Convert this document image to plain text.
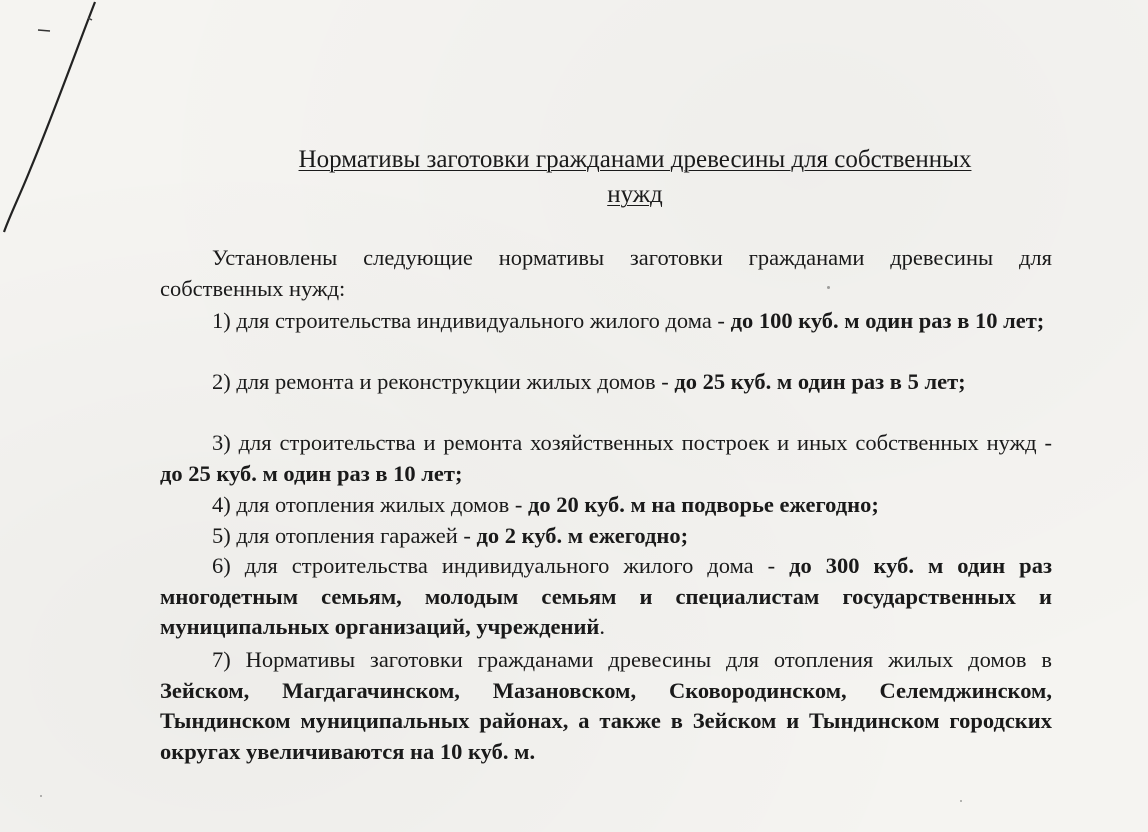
Нормативы заготовки гражданами древесины для собственных
нужд

Установлены следующие нормативы заготовки гражданами древесины для собственных нужд:

1) для строительства индивидуального жилого дома - до 100 куб. м один раз в 10 лет;

2) для ремонта и реконструкции жилых домов - до 25 куб. м один раз в 5 лет;

3) для строительства и ремонта хозяйственных построек и иных собственных нужд - до 25 куб. м один раз в 10 лет;

4) для отопления жилых домов - до 20 куб. м на подворье ежегодно;

5) для отопления гаражей - до 2 куб. м ежегодно;

6) для строительства индивидуального жилого дома - до 300 куб. м один раз многодетным семьям, молодым семьям и специалистам государственных и муниципальных организаций, учреждений.

7) Нормативы заготовки гражданами древесины для отопления жилых домов в Зейском, Магдагачинском, Мазановском, Сковородинском, Селемджинском, Тындинском муниципальных районах, а также в Зейском и Тындинском городских округах увеличиваются на 10 куб. м.
